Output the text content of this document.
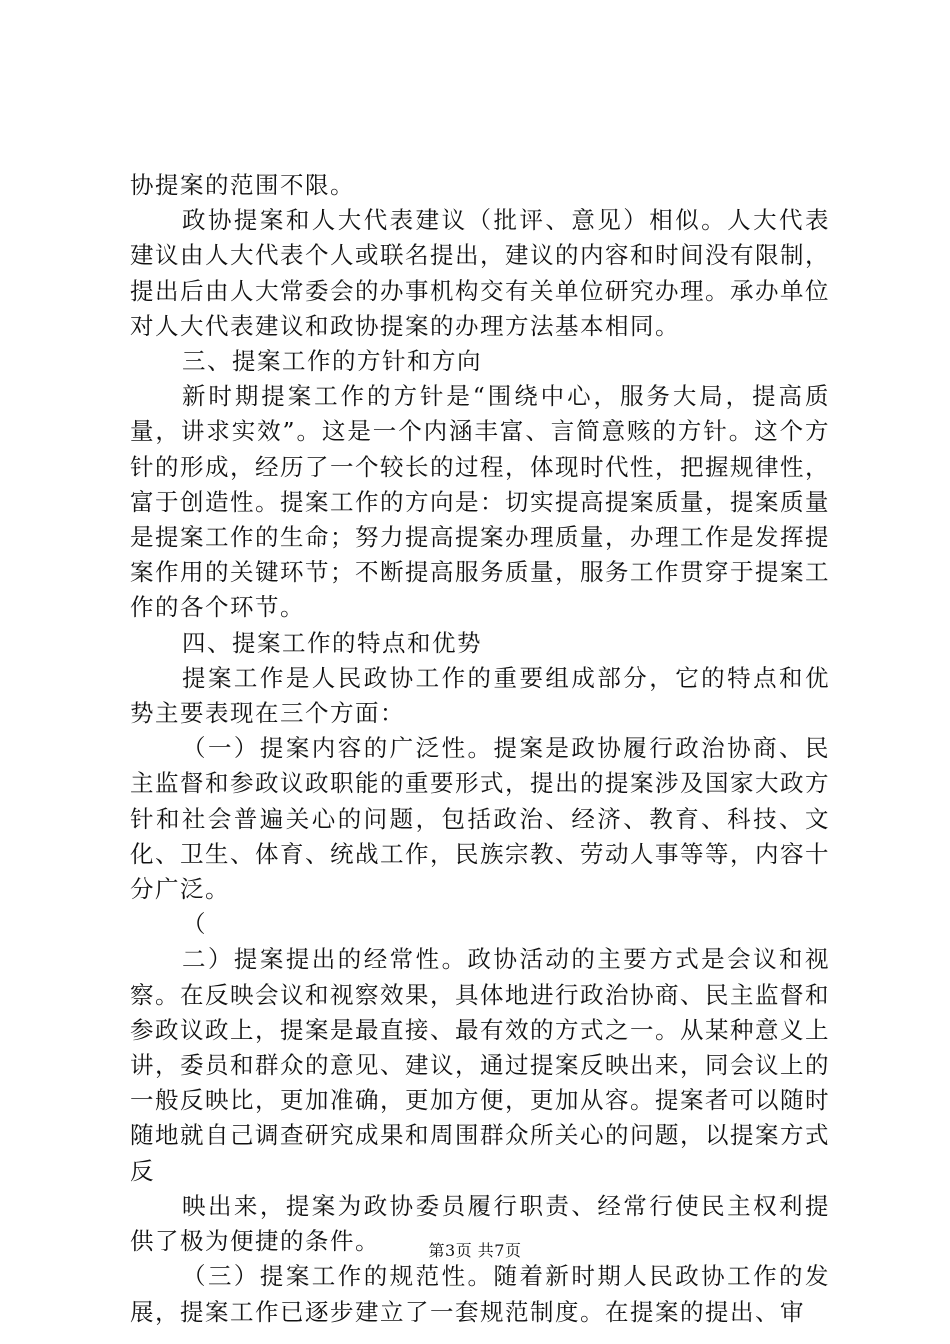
协提案的范围不限。

政协提案和人大代表建议（批评、意见）相似。人大代表建议由人大代表个人或联名提出，建议的内容和时间没有限制，提出后由人大常委会的办事机构交有关单位研究办理。承办单位对人大代表建议和政协提案的办理方法基本相同。

三、提案工作的方针和方向

新时期提案工作的方针是“围绕中心，服务大局，提高质量，讲求实效”。这是一个内涵丰富、言简意赅的方针。这个方针的形成，经历了一个较长的过程，体现时代性，把握规律性，富于创造性。提案工作的方向是：切实提高提案质量，提案质量是提案工作的生命；努力提高提案办理质量，办理工作是发挥提案作用的关键环节；不断提高服务质量，服务工作贯穿于提案工作的各个环节。

四、提案工作的特点和优势

提案工作是人民政协工作的重要组成部分，它的特点和优势主要表现在三个方面：

（一）提案内容的广泛性。提案是政协履行政治协商、民主监督和参政议政职能的重要形式，提出的提案涉及国家大政方针和社会普遍关心的问题，包括政治、经济、教育、科技、文化、卫生、体育、统战工作，民族宗教、劳动人事等等，内容十分广泛。

（

二）提案提出的经常性。政协活动的主要方式是会议和视察。在反映会议和视察效果，具体地进行政治协商、民主监督和参政议政上，提案是最直接、最有效的方式之一。从某种意义上讲，委员和群众的意见、建议，通过提案反映出来，同会议上的一般反映比，更加准确，更加方便，更加从容。提案者可以随时随地就自己调查研究成果和周围群众所关心的问题，以提案方式反

映出来，提案为政协委员履行职责、经常行使民主权利提供了极为便捷的条件。

（三）提案工作的规范性。随着新时期人民政协工作的发展，提案工作已逐步建立了一套规范制度。在提案的提出、审

第3页 共7页
